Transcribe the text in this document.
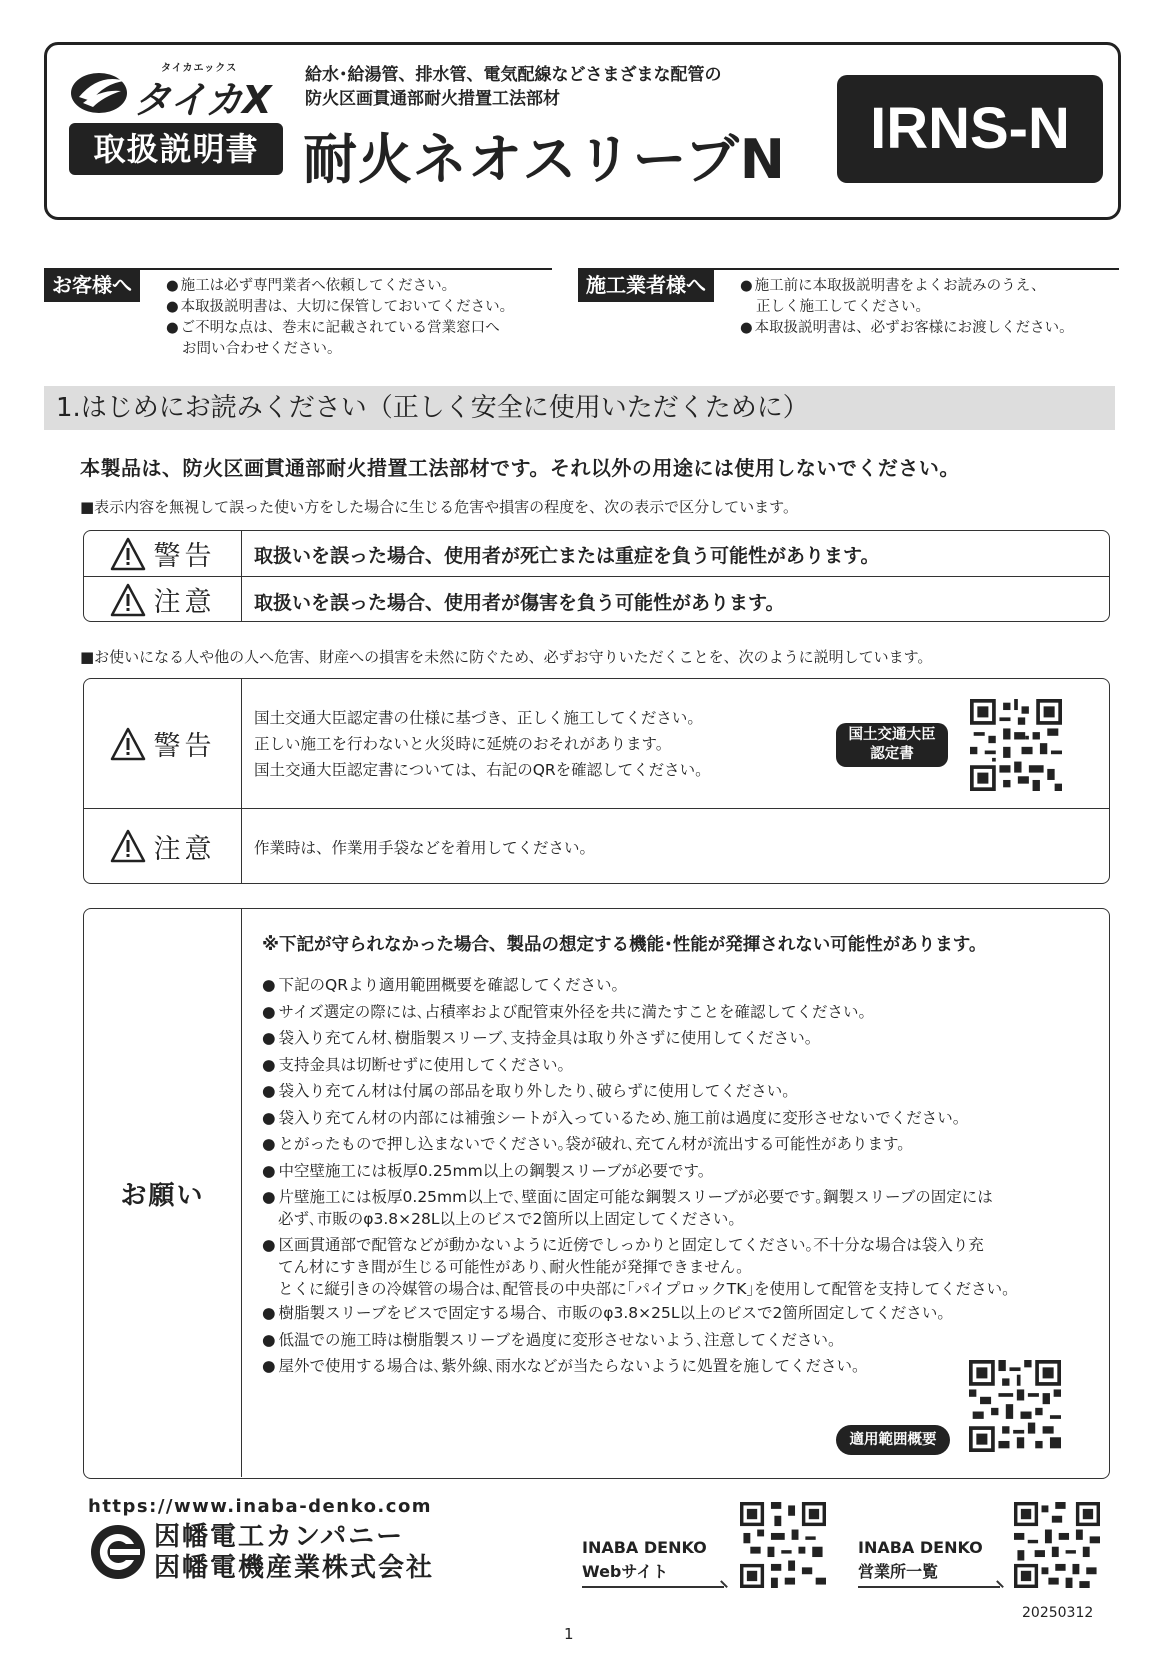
タイカエックス
タイカX
取扱説明書
給水･給湯管、排水管、電気配線などさまざまな配管の
防火区画貫通部耐火措置工法部材
耐火ネオスリーブN	IRNS-N
お客様へ	● 施工は必ず専門業者へ依頼してください。
● 本取扱説明書は、大切に保管しておいてください。
● ご不明な点は、巻末に記載されている営業窓口へ
お問い合わせください。
施工業者様へ	● 施工前に本取扱説明書をよくお読みのうえ、
正しく施工してください。
● 本取扱説明書は、必ずお客様にお渡しください。
1.はじめにお読みください（正しく安全に使用いただくために）
本製品は、防火区画貫通部耐火措置工法部材です。それ以外の用途には使用しないでください。
■表示内容を無視して誤った使い方をした場合に生じる危害や損害の程度を、次の表示で区分しています。
警告 取扱いを誤った場合、使用者が死亡または重症を負う可能性があります。
注意 取扱いを誤った場合、使用者が傷害を負う可能性があります。
■お使いになる人や他の人へ危害、財産への損害を未然に防ぐため、必ずお守りいただくことを、次のように説明しています。
警告
国土交通大臣認定書の仕様に基づき、正しく施工してください。
正しい施工を行わないと火災時に延焼のおそれがあります。
国土交通大臣認定書については、右記のQRを確認してください。
国土交通大臣
認定書
注意 作業時は、作業用手袋などを着用してください。
お願い
※下記が守られなかった場合、製品の想定する機能･性能が発揮されない可能性があります。
● 下記のQRより適用範囲概要を確認してください。
● サイズ選定の際には､占積率および配管束外径を共に満たすことを確認してください。
● 袋入り充てん材､樹脂製スリーブ､支持金具は取り外さずに使用してください。
● 支持金具は切断せずに使用してください。
● 袋入り充てん材は付属の部品を取り外したり､破らずに使用してください。
● 袋入り充てん材の内部には補強シートが入っているため､施工前は過度に変形させないでください。
● とがったもので押し込まないでください｡袋が破れ､充てん材が流出する可能性があります。
● 中空壁施工には板厚0.25mm以上の鋼製スリーブが必要です。
● 片壁施工には板厚0.25mm以上で､壁面に固定可能な鋼製スリーブが必要です｡鋼製スリーブの固定には
必ず､市販のφ3.8×28L以上のビスで2箇所以上固定してください。
● 区画貫通部で配管などが動かないように近傍でしっかりと固定してください｡不十分な場合は袋入り充
てん材にすき間が生じる可能性があり､耐火性能が発揮できません。
とくに縦引きの冷媒管の場合は､配管長の中央部に｢パイプロックTK｣を使用して配管を支持してください。
● 樹脂製スリーブをビスで固定する場合、市販のφ3.8×25L以上のビスで2箇所固定してください。
● 低温での施工時は樹脂製スリーブを過度に変形させないよう､注意してください。
● 屋外で使用する場合は､紫外線､雨水などが当たらないように処置を施してください。
適用範囲概要
https://www.inaba-denko.com
因幡電工カンパニー
因幡電機産業株式会社
INABA DENKO
Webサイト
INABA DENKO
営業所一覧
20250312
1
